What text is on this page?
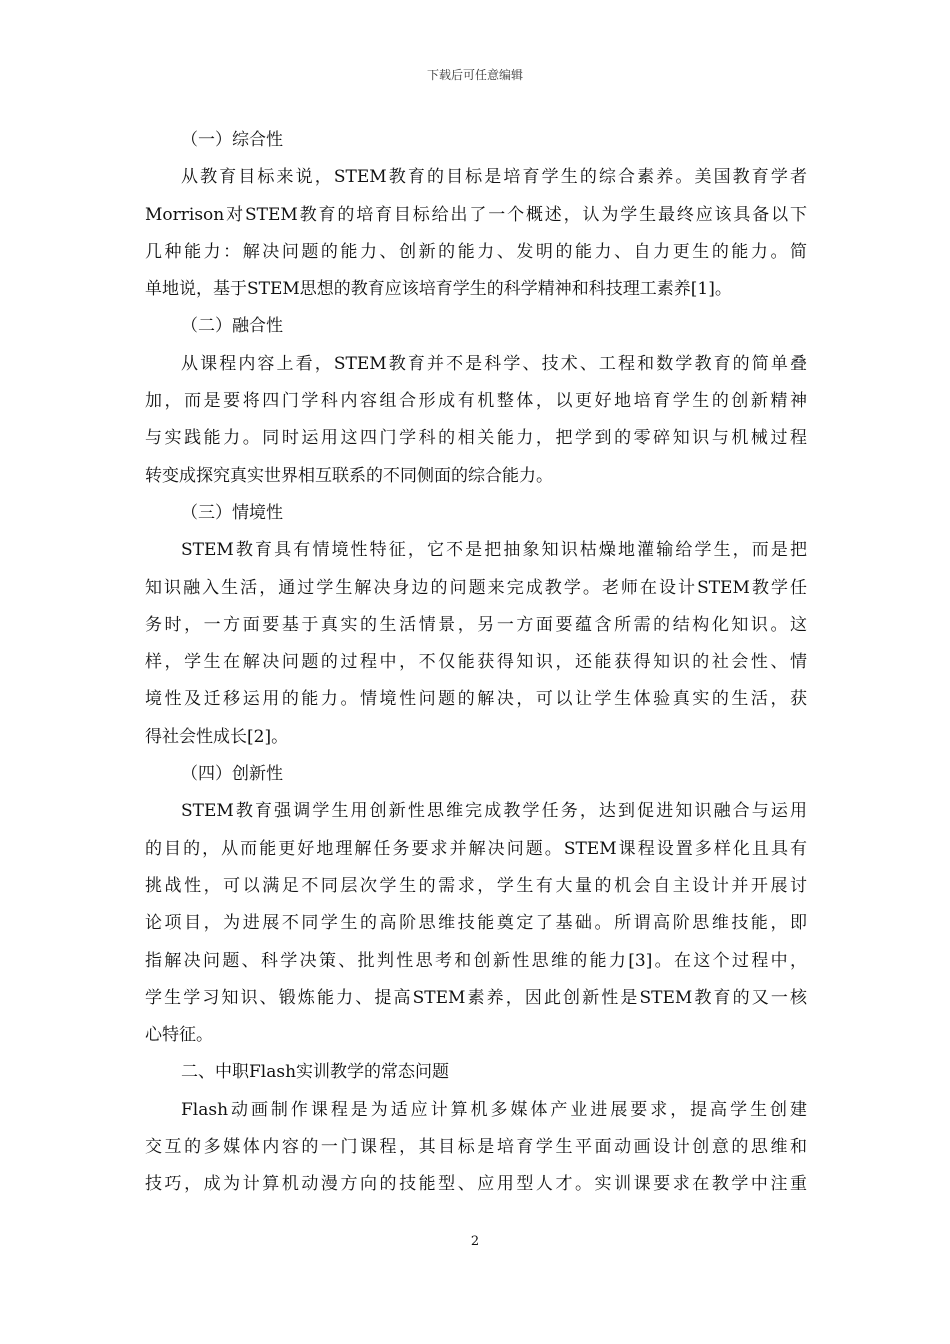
下载后可任意编辑
（一）综合性
从教育目标来说，STEM教育的目标是培育学生的综合素养。美国教育学者
Morrison对STEM教育的培育目标给出了一个概述，认为学生最终应该具备以下
几种能力：解决问题的能力、创新的能力、发明的能力、自力更生的能力。简
单地说，基于STEM思想的教育应该培育学生的科学精神和科技理工素养[1]。
（二）融合性
从课程内容上看，STEM教育并不是科学、技术、工程和数学教育的简单叠
加，而是要将四门学科内容组合形成有机整体，以更好地培育学生的创新精神
与实践能力。同时运用这四门学科的相关能力，把学到的零碎知识与机械过程
转变成探究真实世界相互联系的不同侧面的综合能力。
（三）情境性
STEM教育具有情境性特征，它不是把抽象知识枯燥地灌输给学生，而是把
知识融入生活，通过学生解决身边的问题来完成教学。老师在设计STEM教学任
务时，一方面要基于真实的生活情景，另一方面要蕴含所需的结构化知识。这
样，学生在解决问题的过程中，不仅能获得知识，还能获得知识的社会性、情
境性及迁移运用的能力。情境性问题的解决，可以让学生体验真实的生活，获
得社会性成长[2]。
（四）创新性
STEM教育强调学生用创新性思维完成教学任务，达到促进知识融合与运用
的目的，从而能更好地理解任务要求并解决问题。STEM课程设置多样化且具有
挑战性，可以满足不同层次学生的需求，学生有大量的机会自主设计并开展讨
论项目，为进展不同学生的高阶思维技能奠定了基础。所谓高阶思维技能，即
指解决问题、科学决策、批判性思考和创新性思维的能力[3]。在这个过程中，
学生学习知识、锻炼能力、提高STEM素养，因此创新性是STEM教育的又一核
心特征。
二、中职Flash实训教学的常态问题
Flash动画制作课程是为适应计算机多媒体产业进展要求，提高学生创建
交互的多媒体内容的一门课程，其目标是培育学生平面动画设计创意的思维和
技巧，成为计算机动漫方向的技能型、应用型人才。实训课要求在教学中注重
2
